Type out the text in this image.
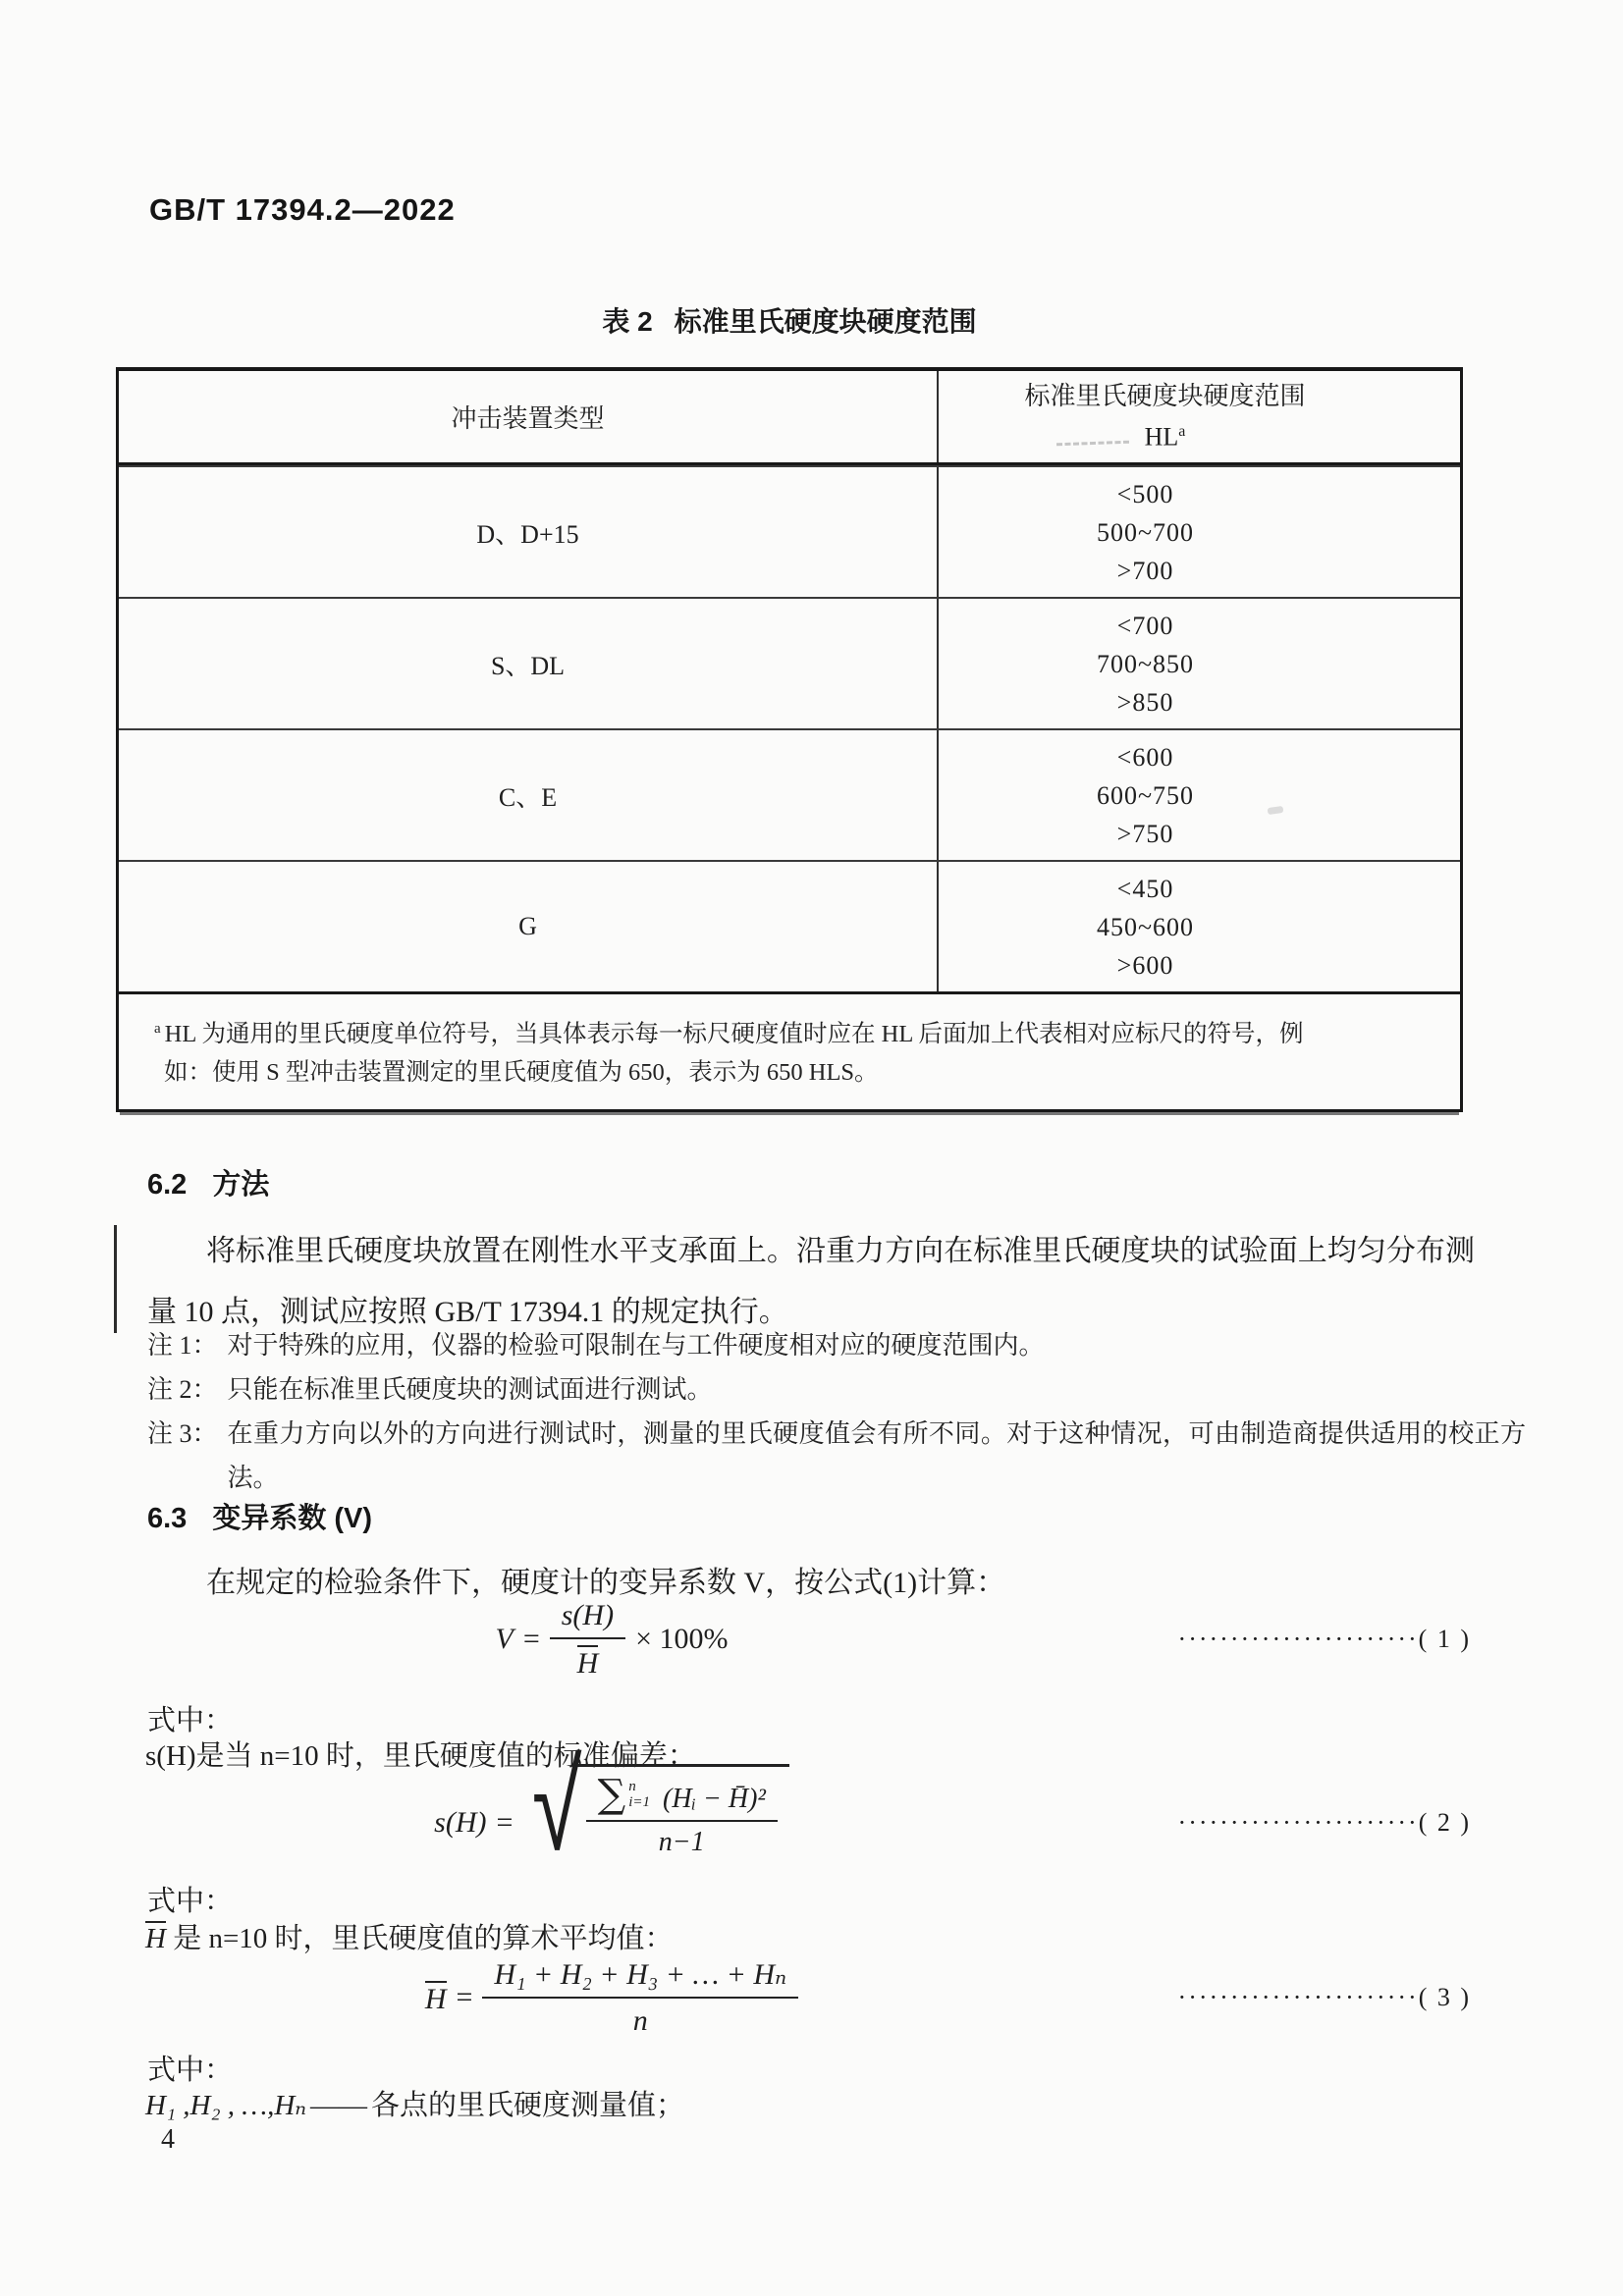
GB/T 17394.2—2022
表 2 标准里氏硬度块硬度范围
冲击装置类型
标准里氏硬度块硬度范围
$HL^a$
D、D+15
<500
500~700
>700
S、DL
<700
700~850
>850
C、E
<600
600~750
>750
G
<450
450~600
>600
$^a$ HL 为通用的里氏硬度单位符号，当具体表示每一标尺硬度值时应在 HL 后面加上代表相对应标尺的符号，例
如：使用 S 型冲击装置测定的里氏硬度值为 650，表示为 650 HLS。
6.2 方法
将标准里氏硬度块放置在刚性水平支承面上。沿重力方向在标准里氏硬度块的试验面上均匀分布测量 10 点，测试应按照 GB/T 17394.1 的规定执行。
注 1： 对于特殊的应用，仪器的检验可限制在与工件硬度相对应的硬度范围内。
注 2： 只能在标准里氏硬度块的测试面进行测试。
注 3： 在重力方向以外的方向进行测试时，测量的里氏硬度值会有所不同。对于这种情况，可由制造商提供适用的校正方法。
6.3 变异系数 (V)
在规定的检验条件下，硬度计的变异系数 V，按公式(1)计算：
$V = \frac{s(H)}{H} \times 100\%$	·······················( 1 )
式中：
s(H)是当 n=10 时，里氏硬度值的标准偏差：
s(H) = √ ∑ n
i=1 (Hᵢ − H̄)²
n−1
·······················( 2 )
式中：
H 是 n=10 时，里氏硬度值的算术平均值：
$H = \frac{\text{H₁ + H₂ + H₃ + … + Hₙ}}{n}$	·······················( 3 )
式中：
H₁ ,H₂ , …,Hₙ —— 各点的里氏硬度测量值；
4
